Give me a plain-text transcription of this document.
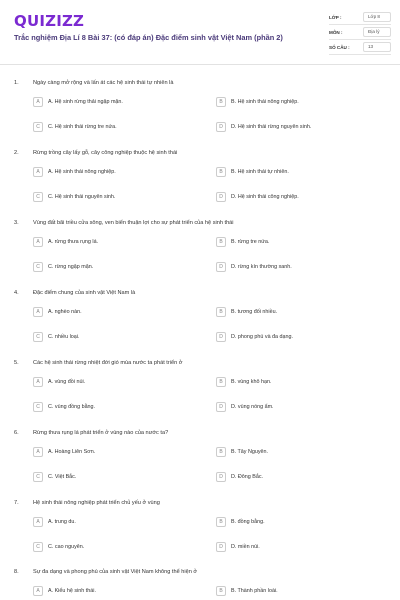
QUIZIZZ
Trắc nghiệm Địa Lí 8 Bài 37: (có đáp án) Đặc điểm sinh vật Việt Nam (phần 2)
LỚP :	Lớp 8
MÔN :	Địa lý
SỐ CÂU :	13
1.	Ngày càng mở rộng và lấn át các hệ sinh thái tự nhiên là
A	A. Hệ sinh rừng thải ngập mặn.	B	B. Hệ sinh thái nông nghiệp.
C	C. Hệ sinh thái rừng tre nứa.	D	D. Hệ sinh thái rừng nguyên sinh.
2.	Rừng trồng cây lấy gỗ, cây công nghiệp thuộc hệ sinh thái
A	A. Hệ sinh thái nông nghiệp.	B	B. Hệ sinh thái tự nhiên.
C	C. Hệ sinh thái nguyên sinh.	D	D. Hệ sinh thái công nghiệp.
3.	Vùng đất bãi triều cửa sông, ven biển thuận lợi cho sự phát triển của hệ sinh thái
A	A. rừng thưa rụng lá.	B	B. rừng tre nứa.
C	C. rừng ngập mặn.	D	D. rừng kín thường xanh.
4.	Đặc điểm chung của sinh vật Việt Nam là
A	A. nghèo nàn.	B	B. tương đối nhiều.
C	C. nhiều loại.	D	D. phong phú và đa dạng.
5.	Các hệ sinh thái rừng nhiệt đới gió mùa nước ta phát triển ở
A	A. vùng đồi núi.	B	B. vùng khô hạn.
C	C. vùng đồng bằng.	D	D. vùng nóng ẩm.
6.	Rừng thưa rụng lá phát triển ở vùng nào của nước ta?
A	A. Hoàng Liên Sơn.	B	B. Tây Nguyên.
C	C. Việt Bắc.	D	D. Đông Bắc.
7.	Hệ sinh thái nông nghiệp phát triển chủ yếu ở vùng
A	A. trung du.	B	B. đồng bằng.
C	C. cao nguyên.	D	D. miền núi.
8.	Sự đa dạng và phong phú của sinh vật Việt Nam không thể hiện ở
A	A. Kiểu hệ sinh thái.	B	B. Thành phần loài.
